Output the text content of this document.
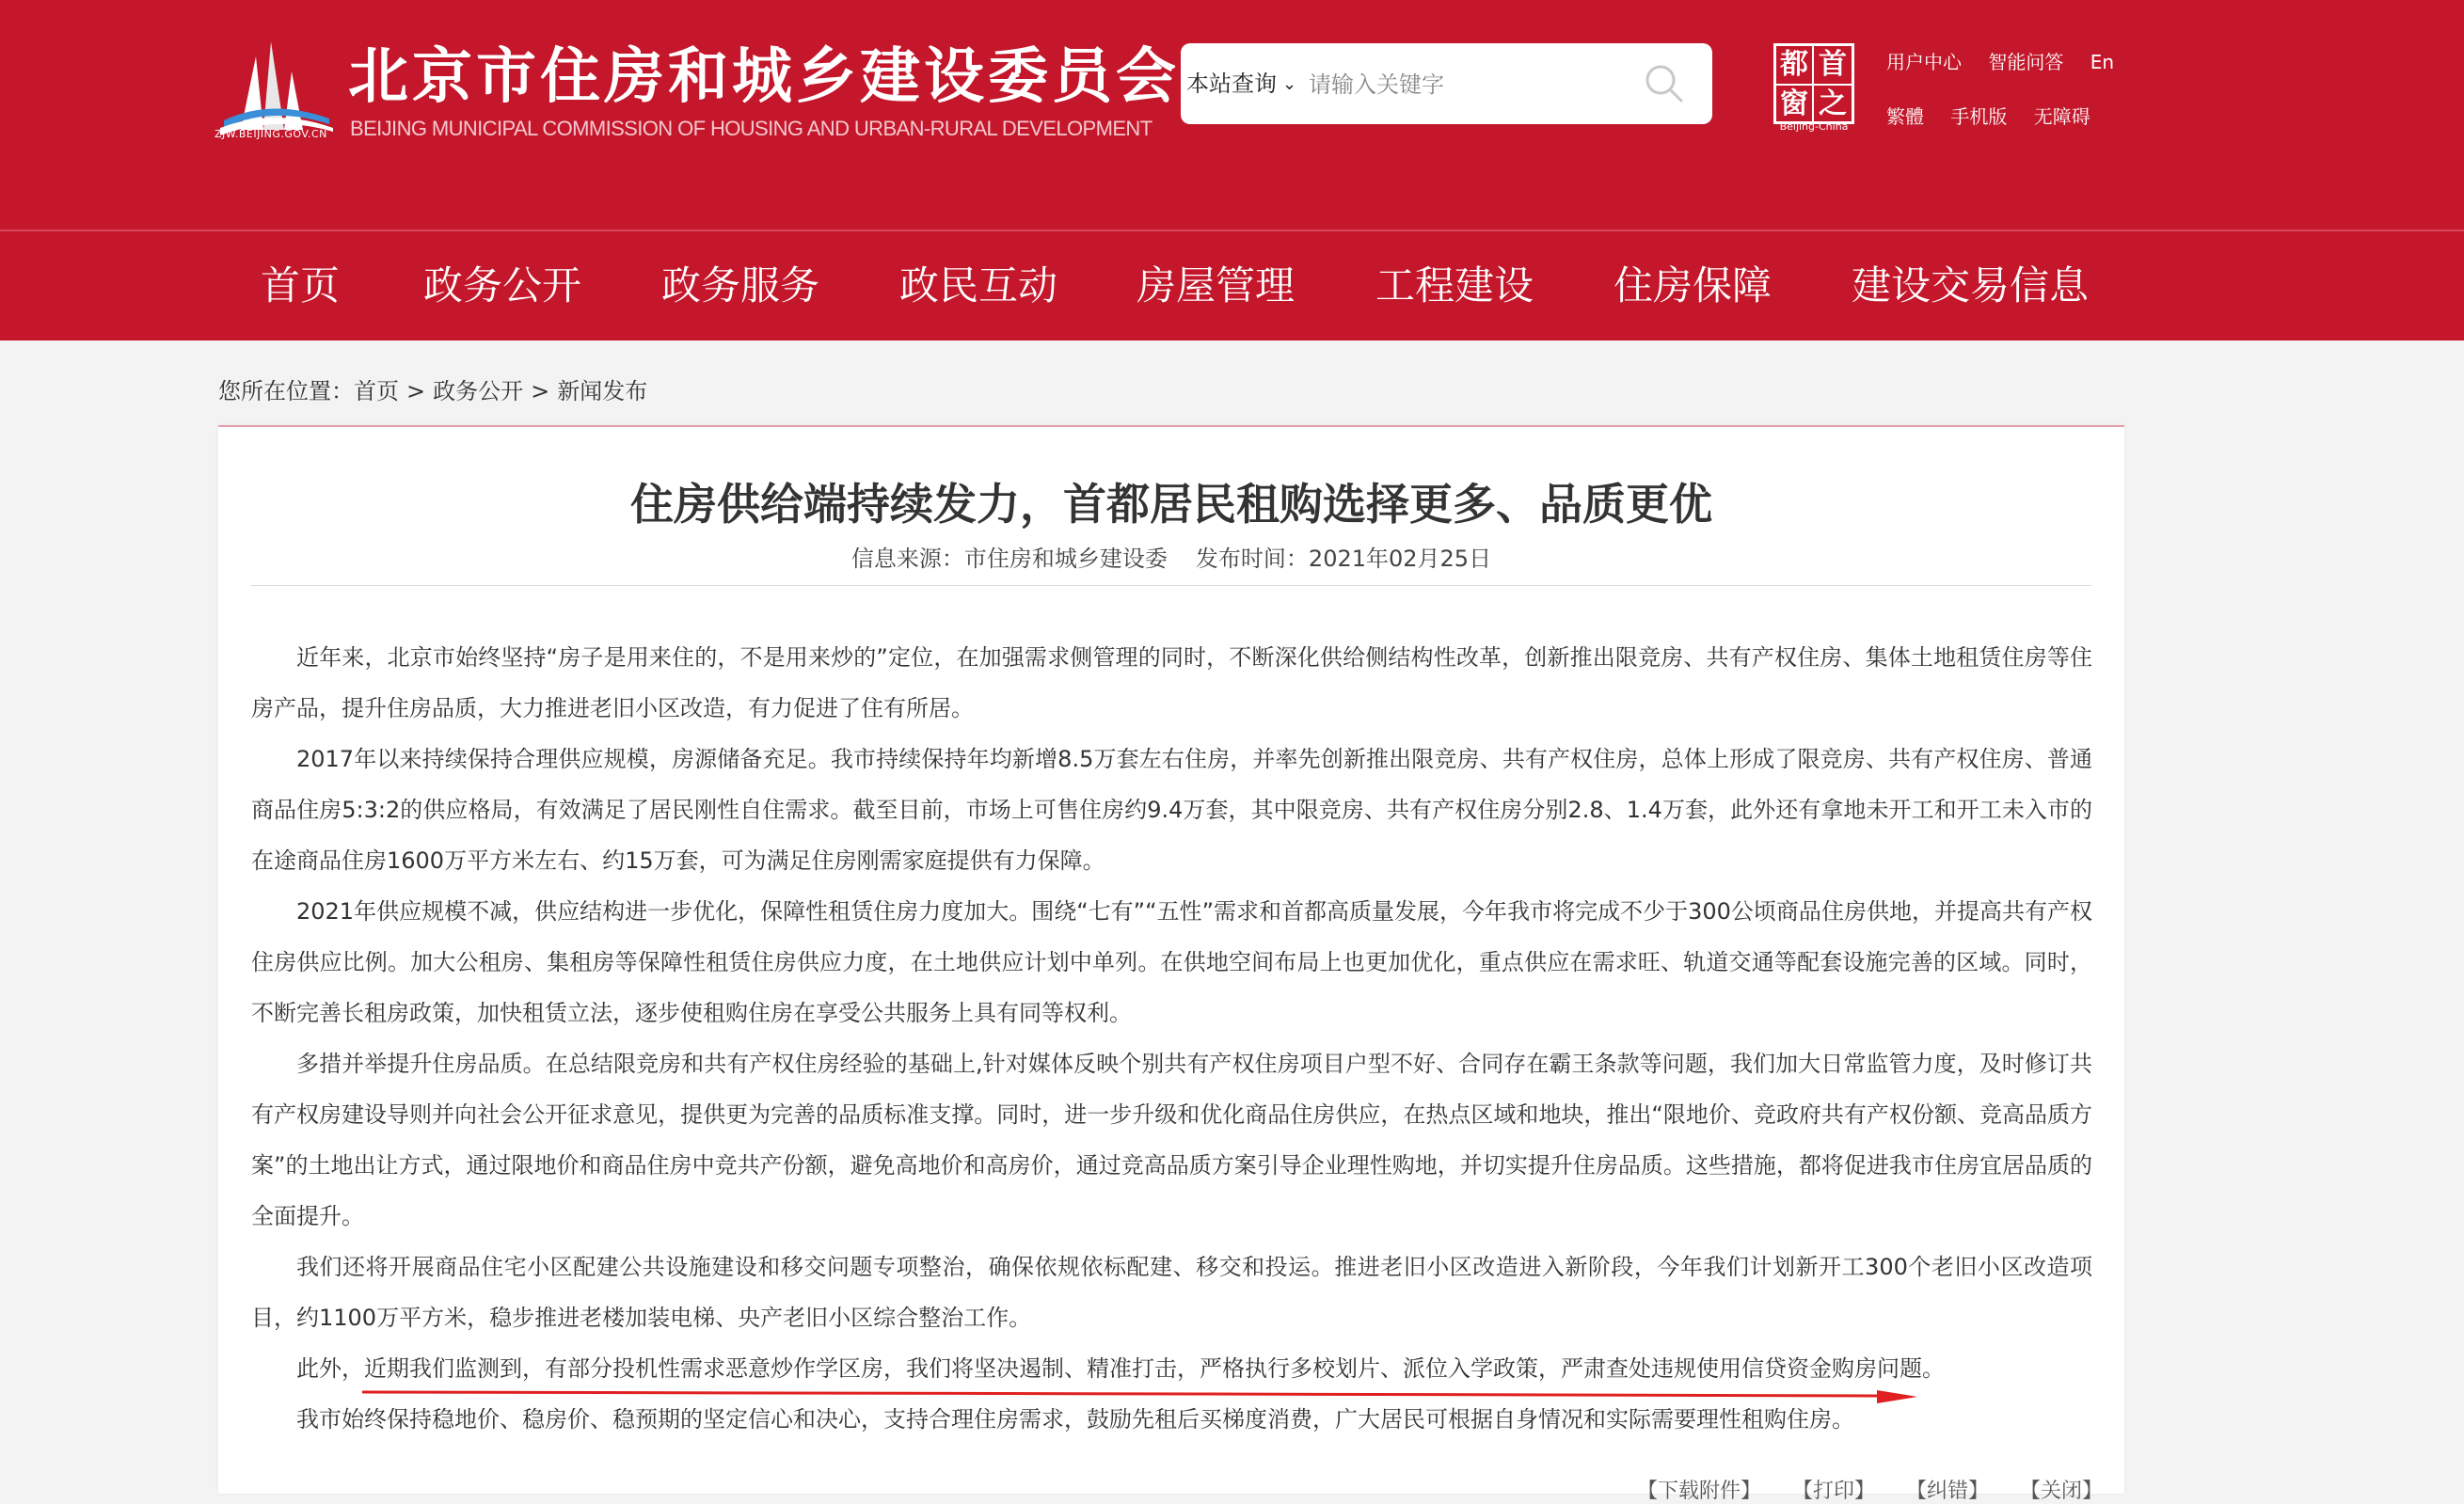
ZJW.BEIJING.GOV.CN
北京市住房和城乡建设委员会
BEIJING MUNICIPAL COMMISSION OF HOUSING AND URBAN-RURAL DEVELOPMENT
本站查询 ⌄
请输入关键字
都 首
窗 之
Beijing-China
用户中心 智能问答 En
繁體 手机版 无障碍
首页 政务公开 政务服务 政民互动 房屋管理 工程建设 住房保障 建设交易信息
您所在位置：首页 > 政务公开 > 新闻发布
住房供给端持续发力，首都居民租购选择更多、品质更优
信息来源：市住房和城乡建设委 发布时间：2021年02月25日

近年来，北京市始终坚持“房子是用来住的，不是用来炒的”定位，在加强需求侧管理的同时，不断深化供给侧结构性改革，创新推出限竞房、共有产权住房、集体土地租赁住房等住房产品，提升住房品质，大力推进老旧小区改造，有力促进了住有所居。

2017年以来持续保持合理供应规模，房源储备充足。我市持续保持年均新增8.5万套左右住房，并率先创新推出限竞房、共有产权住房，总体上形成了限竞房、共有产权住房、普通商品住房5:3:2的供应格局，有效满足了居民刚性自住需求。截至目前，市场上可售住房约9.4万套，其中限竞房、共有产权住房分别2.8、1.4万套，此外还有拿地未开工和开工未入市的在途商品住房1600万平方米左右、约15万套，可为满足住房刚需家庭提供有力保障。

2021年供应规模不减，供应结构进一步优化，保障性租赁住房力度加大。围绕“七有”“五性”需求和首都高质量发展，今年我市将完成不少于300公顷商品住房供地，并提高共有产权住房供应比例。加大公租房、集租房等保障性租赁住房供应力度，在土地供应计划中单列。在供地空间布局上也更加优化，重点供应在需求旺、轨道交通等配套设施完善的区域。同时，不断完善长租房政策，加快租赁立法，逐步使租购住房在享受公共服务上具有同等权利。

多措并举提升住房品质。在总结限竞房和共有产权住房经验的基础上,针对媒体反映个别共有产权住房项目户型不好、合同存在霸王条款等问题，我们加大日常监管力度，及时修订共有产权房建设导则并向社会公开征求意见，提供更为完善的品质标准支撑。同时，进一步升级和优化商品住房供应，在热点区域和地块，推出“限地价、竞政府共有产权份额、竞高品质方案”的土地出让方式，通过限地价和商品住房中竞共产份额，避免高地价和高房价，通过竞高品质方案引导企业理性购地，并切实提升住房品质。这些措施，都将促进我市住房宜居品质的全面提升。

我们还将开展商品住宅小区配建公共设施建设和移交问题专项整治，确保依规依标配建、移交和投运。推进老旧小区改造进入新阶段，今年我们计划新开工300个老旧小区改造项目，约1100万平方米，稳步推进老楼加装电梯、央产老旧小区综合整治工作。

此外，近期我们监测到，有部分投机性需求恶意炒作学区房，我们将坚决遏制、精准打击，严格执行多校划片、派位入学政策，严肃查处违规使用信贷资金购房问题。

我市始终保持稳地价、稳房价、稳预期的坚定信心和决心，支持合理住房需求，鼓励先租后买梯度消费，广大居民可根据自身情况和实际需要理性租购住房。

【下载附件】 【打印】 【纠错】 【关闭】
